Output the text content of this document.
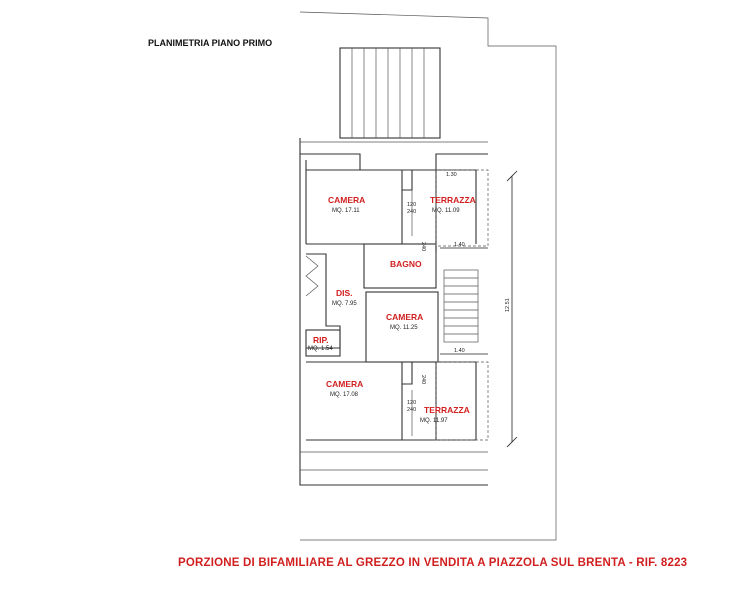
PLANIMETRIA PIANO PRIMO
12.51
1.30
1.40
1.40
120
240
240
120
240
240
CAMERA
MQ. 17.11
TERRAZZA
MQ. 11.09
BAGNO
DIS.
MQ. 7.95
CAMERA
MQ. 11.25
RIP.
MQ. 1.54
CAMERA
MQ. 17.08
TERRAZZA
MQ. 11.97
PORZIONE DI BIFAMILIARE AL GREZZO IN VENDITA A PIAZZOLA SUL BRENTA - RIF. 8223
